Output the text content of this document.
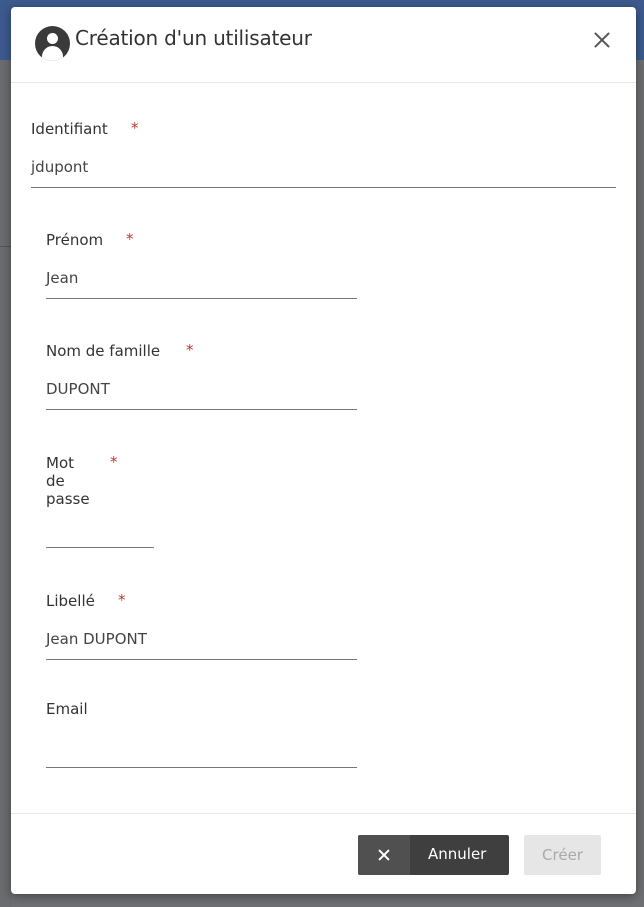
Création d'un utilisateur
Identifiant *
jdupont
Prénom *
Jean
Nom de famille *
DUPONT
Mot
de
passe
*
Libellé *
Jean DUPONT
Email
Annuler	Créer
